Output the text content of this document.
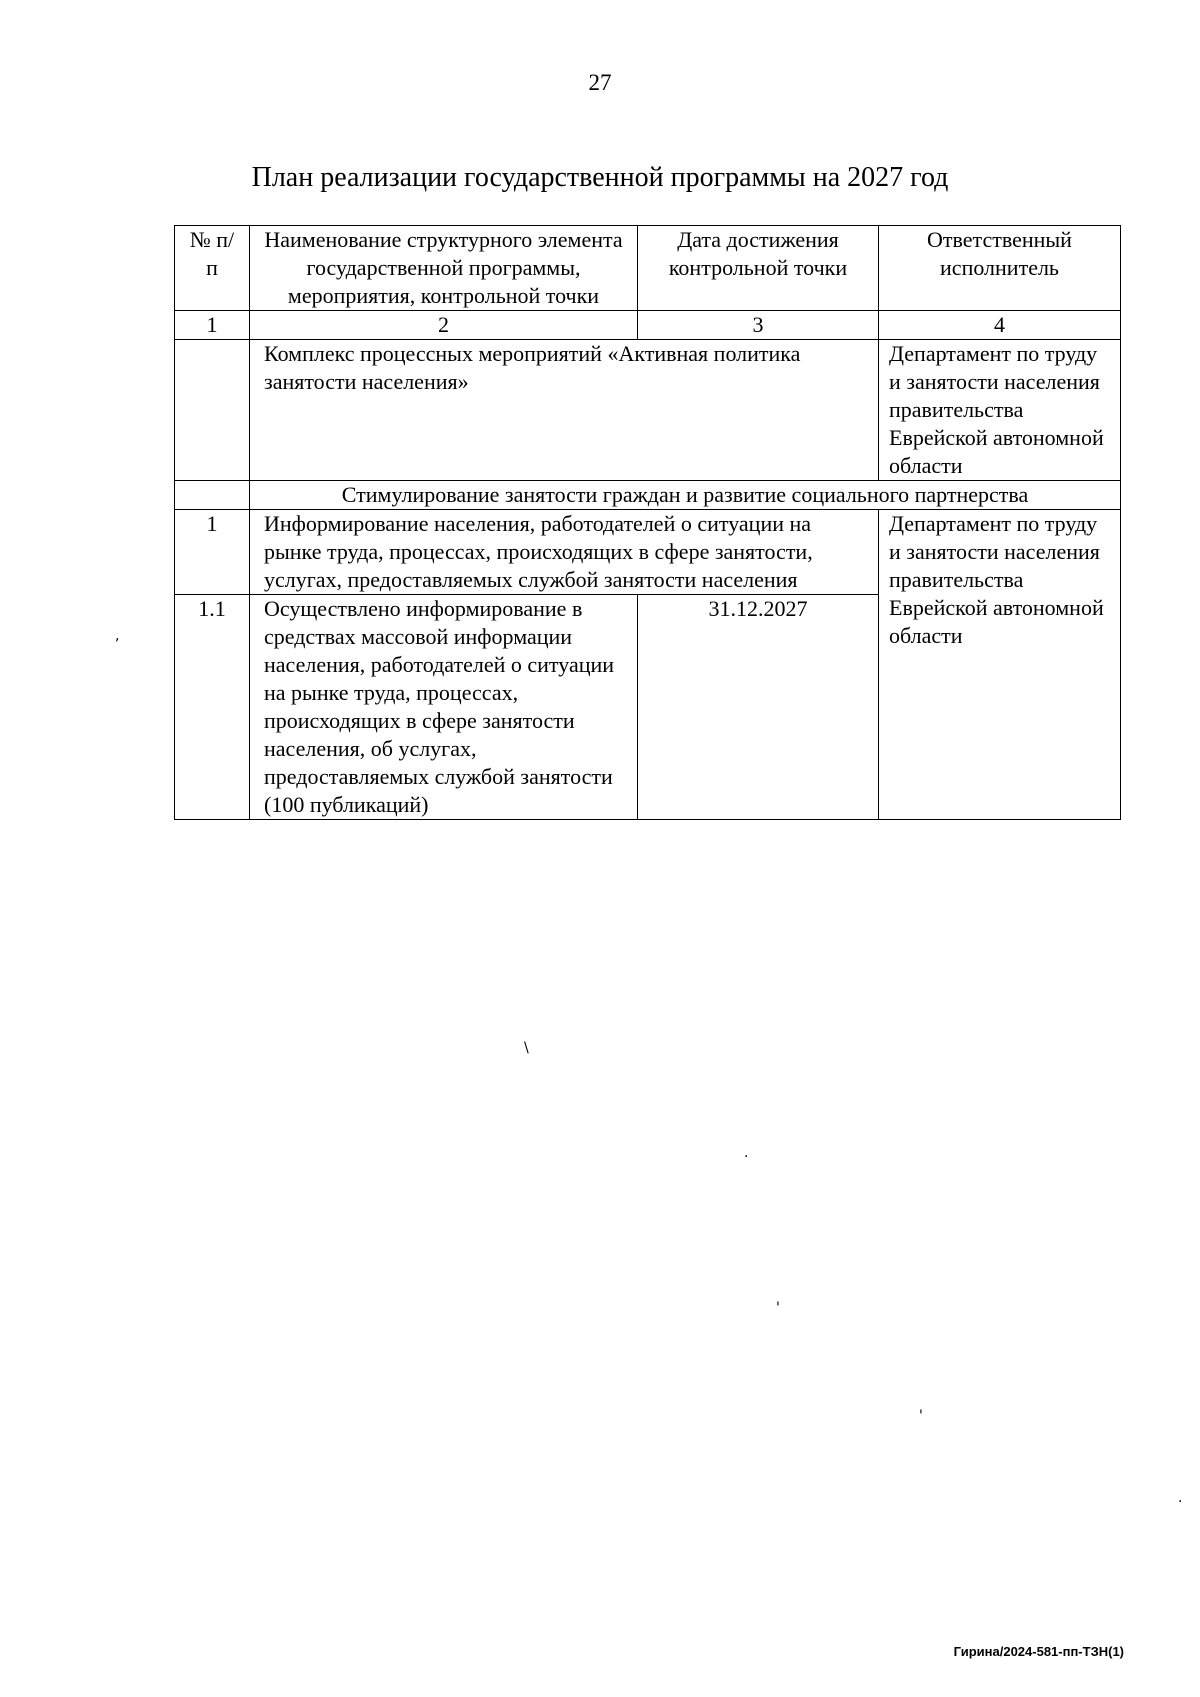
27
План реализации государственной программы на 2027 год
№ п/п	Наименование структурного элемента государственной программы, мероприятия, контрольной точки	Дата достижения контрольной точки	Ответственный исполнитель
1	2	3	4
	Комплекс процессных мероприятий «Активная политика занятости населения»		Департамент по труду и занятости населения правительства Еврейской автономной области
	Стимулирование занятости граждан и развитие социального партнерства		
1	Информирование населения, работодателей о ситуации на рынке труда, процессах, происходящих в сфере занятости, услугах, предоставляемых службой занятости населения		Департамент по труду и занятости населения правительства Еврейской автономной области
1.1	Осуществлено информирование в средствах массовой информации населения, работодателей о ситуации на рынке труда, процессах, происходящих в сфере занятости населения, об услугах, предоставляемых службой занятости (100 публикаций)	31.12.2027	
,
\
.
'
'
.
Гирина/2024-581-пп-ТЗН(1)
